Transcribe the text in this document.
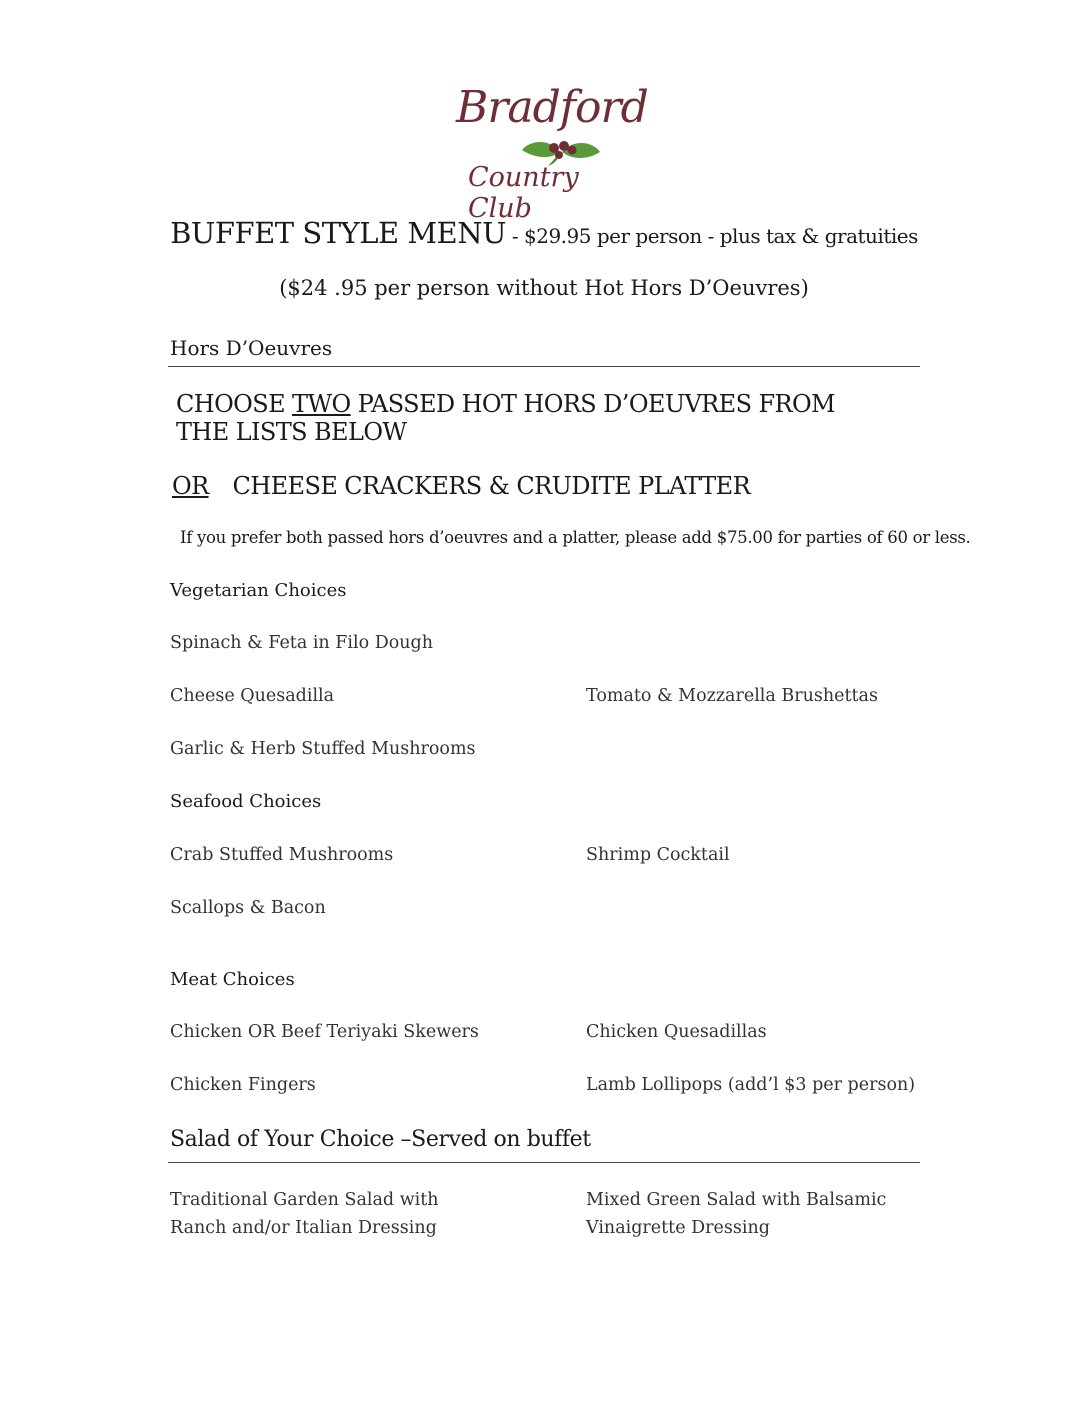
Bradford
Country Club
BUFFET STYLE MENU - $29.95 per person - plus tax & gratuities
($24 .95 per person without Hot Hors D’Oeuvres)
Hors D’Oeuvres
CHOOSE TWO PASSED HOT HORS D’OEUVRES FROM THE LISTS BELOW
OR CHEESE CRACKERS & CRUDITE PLATTER
If you prefer both passed hors d’oeuvres and a platter, please add $75.00 for parties of 60 or less.
Vegetarian Choices
Spinach & Feta in Filo Dough
Cheese Quesadilla	Tomato & Mozzarella Brushettas
Garlic & Herb Stuffed Mushrooms
Seafood Choices
Crab Stuffed Mushrooms	Shrimp Cocktail
Scallops & Bacon
Meat Choices
Chicken OR Beef Teriyaki Skewers	Chicken Quesadillas
Chicken Fingers	Lamb Lollipops (add’l $3 per person)
Salad of Your Choice –Served on buffet
Traditional Garden Salad with Ranch and/or Italian Dressing
Mixed Green Salad with Balsamic Vinaigrette Dressing
